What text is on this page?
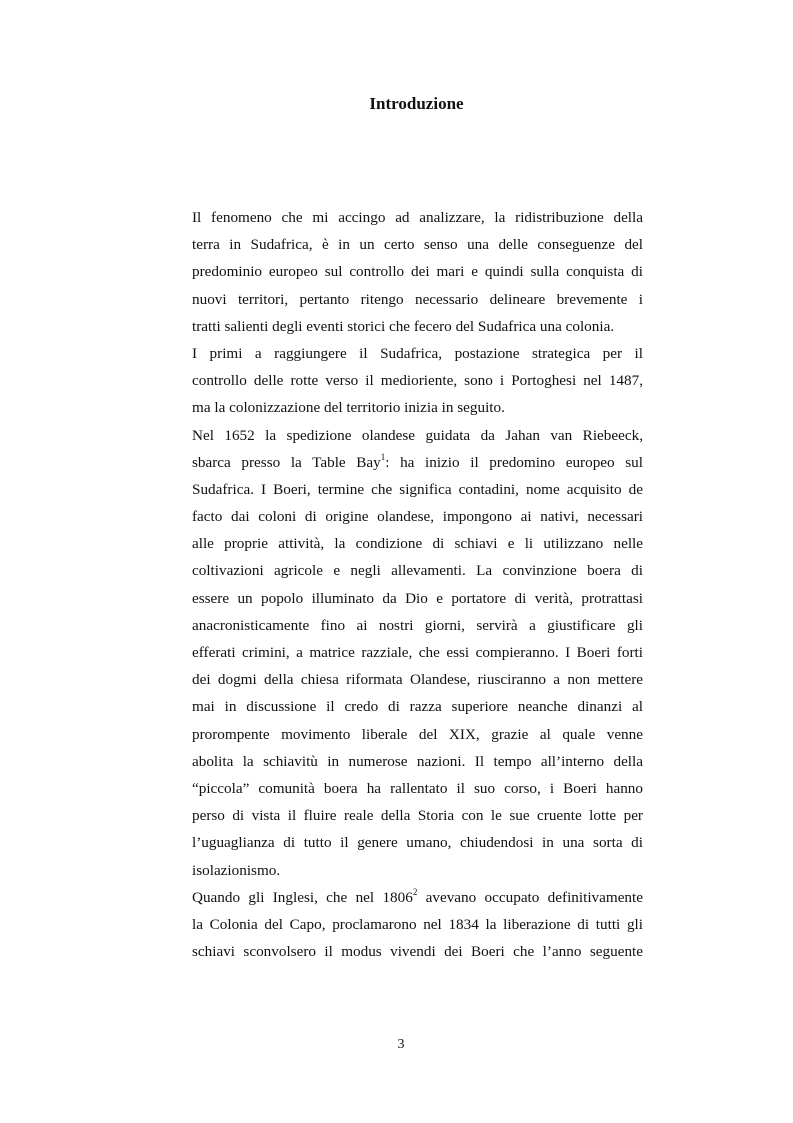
Introduzione
Il fenomeno che mi accingo ad analizzare, la ridistribuzione della
terra in Sudafrica, è in un certo senso una delle conseguenze del
predominio europeo sul controllo dei mari e quindi sulla conquista di
nuovi territori, pertanto ritengo necessario delineare brevemente i
tratti salienti degli eventi storici che fecero del Sudafrica una colonia.
I primi a raggiungere il Sudafrica, postazione strategica per il
controllo delle rotte verso il medioriente, sono i Portoghesi nel 1487,
ma la colonizzazione del territorio inizia in seguito.
Nel 1652 la spedizione olandese guidata da Jahan van Riebeeck,
sbarca presso la Table Bay$^1$: ha inizio il predomino europeo sul
Sudafrica. I Boeri, termine che significa contadini, nome acquisito de
facto dai coloni di origine olandese, impongono ai nativi, necessari
alle proprie attività, la condizione di schiavi e li utilizzano nelle
coltivazioni agricole e negli allevamenti. La convinzione boera di
essere un popolo illuminato da Dio e portatore di verità, protrattasi
anacronisticamente fino ai nostri giorni, servirà a giustificare gli
efferati crimini, a matrice razziale, che essi compieranno. I Boeri forti
dei dogmi della chiesa riformata Olandese, riusciranno a non mettere
mai in discussione il credo di razza superiore neanche dinanzi al
prorompente movimento liberale del XIX, grazie al quale venne
abolita la schiavitù in numerose nazioni. Il tempo all’interno della
“piccola” comunità boera ha rallentato il suo corso, i Boeri hanno
perso di vista il fluire reale della Storia con le sue cruente lotte per
l’uguaglianza di tutto il genere umano, chiudendosi in una sorta di
isolazionismo.
Quando gli Inglesi, che nel 1806$^2$ avevano occupato definitivamente
la Colonia del Capo, proclamarono nel 1834 la liberazione di tutti gli
schiavi sconvolsero il modus vivendi dei Boeri che l’anno seguente
3
